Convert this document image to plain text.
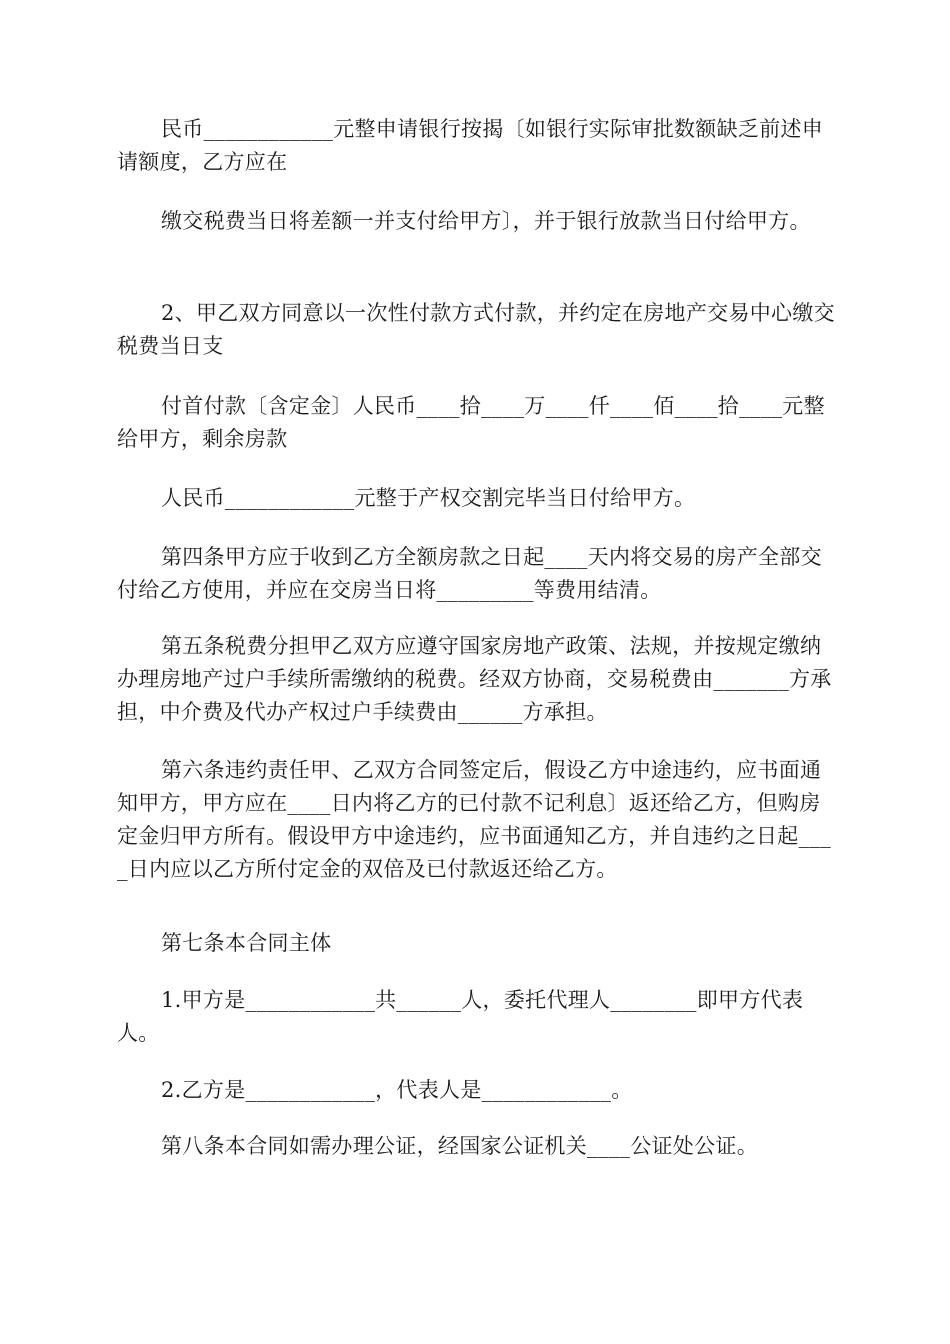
民币____________元整申请银行按揭〔如银行实际审批数额缺乏前述申请额度，乙方应在

缴交税费当日将差额一并支付给甲方〕，并于银行放款当日付给甲方。

2、甲乙双方同意以一次性付款方式付款，并约定在房地产交易中心缴交税费当日支

付首付款〔含定金〕人民币____拾____万____仟____佰____拾____元整给甲方，剩余房款

人民币____________元整于产权交割完毕当日付给甲方。

第四条甲方应于收到乙方全额房款之日起____天内将交易的房产全部交付给乙方使用，并应在交房当日将_________等费用结清。

第五条税费分担甲乙双方应遵守国家房地产政策、法规，并按规定缴纳办理房地产过户手续所需缴纳的税费。经双方协商，交易税费由_______方承担，中介费及代办产权过户手续费由______方承担。

第六条违约责任甲、乙双方合同签定后，假设乙方中途违约，应书面通知甲方，甲方应在____日内将乙方的已付款不记利息〕返还给乙方，但购房定金归甲方所有。假设甲方中途违约，应书面通知乙方，并自违约之日起____日内应以乙方所付定金的双倍及已付款返还给乙方。

第七条本合同主体

1.甲方是____________共______人，委托代理人________即甲方代表人。

2.乙方是____________，代表人是____________。

第八条本合同如需办理公证，经国家公证机关____公证处公证。
